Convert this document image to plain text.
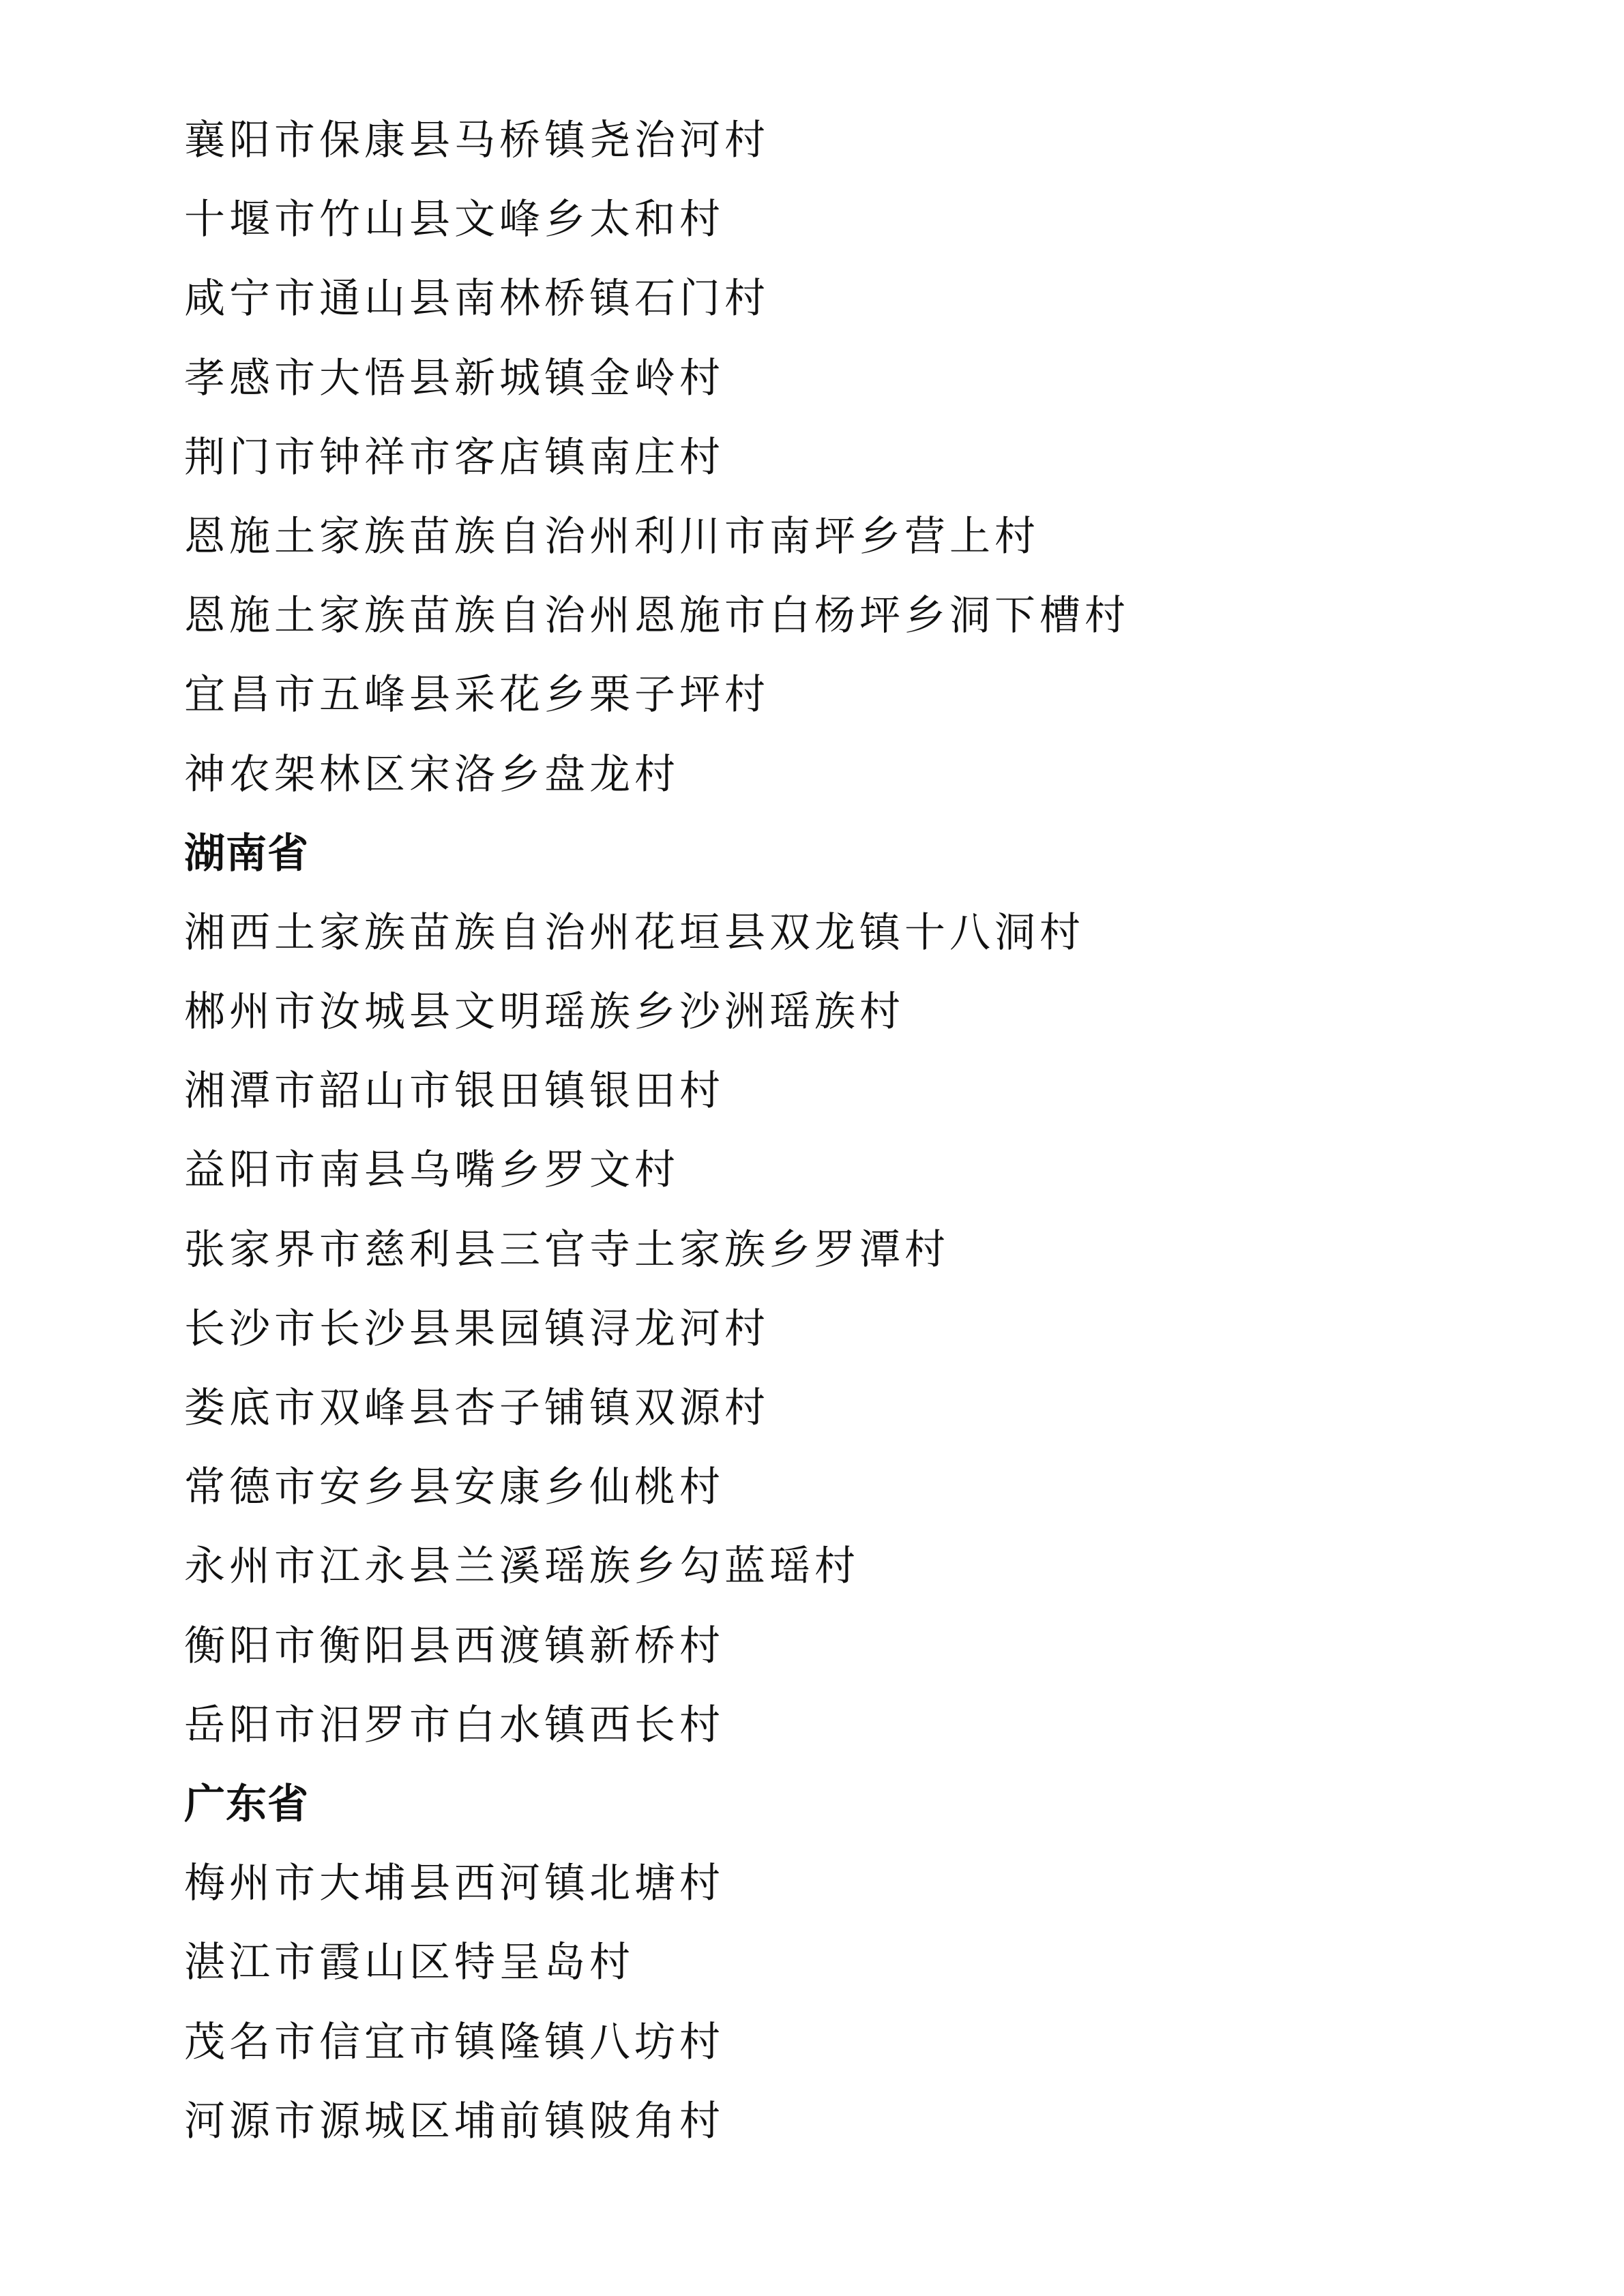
襄阳市保康县马桥镇尧治河村
十堰市竹山县文峰乡太和村
咸宁市通山县南林桥镇石门村
孝感市大悟县新城镇金岭村
荆门市钟祥市客店镇南庄村
恩施土家族苗族自治州利川市南坪乡营上村
恩施土家族苗族自治州恩施市白杨坪乡洞下槽村
宜昌市五峰县采花乡栗子坪村
神农架林区宋洛乡盘龙村
湖南省
湘西土家族苗族自治州花垣县双龙镇十八洞村
郴州市汝城县文明瑶族乡沙洲瑶族村
湘潭市韶山市银田镇银田村
益阳市南县乌嘴乡罗文村
张家界市慈利县三官寺土家族乡罗潭村
长沙市长沙县果园镇浔龙河村
娄底市双峰县杏子铺镇双源村
常德市安乡县安康乡仙桃村
永州市江永县兰溪瑶族乡勾蓝瑶村
衡阳市衡阳县西渡镇新桥村
岳阳市汨罗市白水镇西长村
广东省
梅州市大埔县西河镇北塘村
湛江市霞山区特呈岛村
茂名市信宜市镇隆镇八坊村
河源市源城区埔前镇陂角村
